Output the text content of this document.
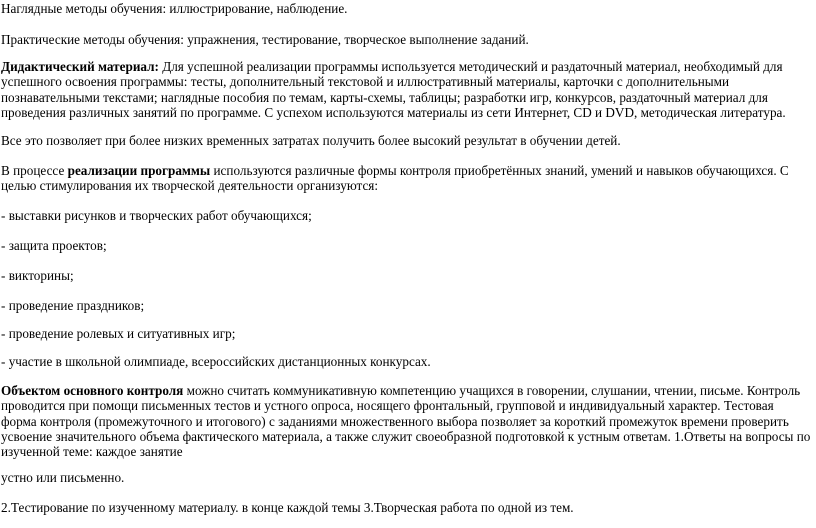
Наглядные методы обучения: иллюстрирование, наблюдение.

Практические методы обучения: упражнения, тестирование, творческое выполнение заданий.

Дидактический материал: Для успешной реализации программы используется методический и раздаточный материал, необходимый для успешного освоения программы: тесты, дополнительный текстовой и иллюстративный материалы, карточки с дополнительными познавательными текстами; наглядные пособия по темам, карты-схемы, таблицы; разработки игр, конкурсов, раздаточный материал для проведения различных занятий по программе. С успехом используются материалы из сети Интернет, CD и DVD, методическая литература.

Все это позволяет при более низких временных затратах получить более высокий результат в обучении детей.

В процессе реализации программы используются различные формы контроля приобретённых знаний, умений и навыков обучающихся. С целью стимулирования их творческой деятельности организуются:

- выставки рисунков и творческих работ обучающихся;

- защита проектов;

- викторины;

- проведение праздников;

- проведение ролевых и ситуативных игр;

- участие в школьной олимпиаде, всероссийских дистанционных конкурсах.

Объектом основного контроля можно считать коммуникативную компетенцию учащихся в говорении, слушании, чтении, письме. Контроль проводится при помощи письменных тестов и устного опроса, носящего фронтальный, групповой и индивидуальный характер. Тестовая форма контроля (промежуточного и итогового) с заданиями множественного выбора позволяет за короткий промежуток времени проверить усвоение значительного объема фактического материала, а также служит своеобразной подготовкой к устным ответам. 1.Ответы на вопросы по изученной теме: каждое занятие

устно или письменно.

2.Тестирование по изученному материалу. в конце каждой темы 3.Творческая работа по одной из тем.
